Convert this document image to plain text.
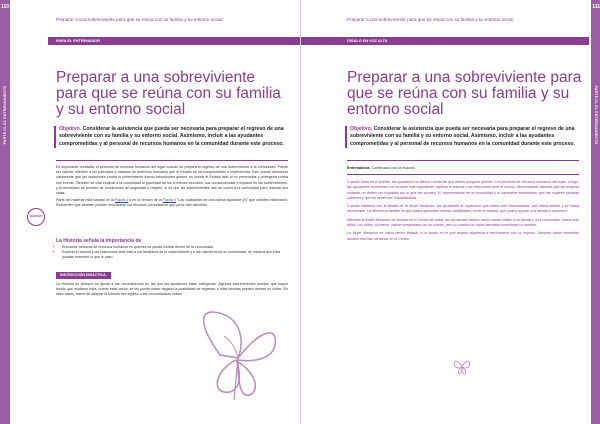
110
PARTE III. EL ENTRENAMIENTO
Preparar a una sobreviviente para que se reúna con su familia y su entorno social
PARA EL ENTRENADOR
Preparar a una sobreviviente para que se reúna con su familia y su entorno social
Objetivo. Considerar la asistencia que pueda ser necesaria para preparar el regreso de una sobreviviente con su familia y su entorno social. Asimismo, incluir a las ayudantes comprometidas y al personal de recursos humanos en la comunidad durante este proceso.

Es importante contactar al personal de recursos humanos del lugar cuando se prepara el regreso de una sobreviviente a la comunidad. Puede ser valioso referirse a los principios y tratados de derechos humanos que el Estado se ha comprometido a implementar. Esto puede demostrar claramente que las violaciones contra la sobreviviente fueron infracciones graves, en donde el Estado falló al no prevenirlas y protegerla contra ese evento. También se vital explicar a la comunidad la gravedad de los crímenes sexuales, sus consecuencias e impacto en las sobrevivientes, y la necesidad de proveer de condiciones de seguridad y respeto, si es que las sobrevivientes han de volver a la comunidad para retomar sus vidas.

Parte del material está basado en la Figura 1 y en la versión de la Figura 4 "Las cualidades de una buena ayudante (II)" que ustedes elaboraron. Recuerden que también pueden movilizarse los recursos comunitarios que ya se han discutido.

OBJETIVO
La Historia señala la importancia de
• Encontrar personal de recursos humanos en quienes se pueda confiar dentro de la comunidad.
• Explicar el trauma y las reacciones ante éste a los familiares de la sobreviviente y a los miembros de su comunidad, de manera que ellos puedan entender lo que le pasó.
INSTRUCCIÓN DIDÁCTICA.

La Historia no siempre se ajusta a las circunstancias en las que las ayudantes están trabajando. Algunas sobrevivientes pueden que hayan tenido que mudarse lejos; puede estar cerca; se les puede haber negado la posibilidad de regresar, o ellas mismas pueden desear no volver. En tales casos, traten de adaptar la historia del regreso a las circunstancias reales.

111
PARTE III. EL ENTRENAMIENTO
Preparar a una sobreviviente para que se reúna con su familia y su entorno social
DÍGALO EN VOZ ALTA
Preparar a una sobreviviente para que se reúna con su familia y su entorno social
Objetivo. Considerar la asistencia que pueda ser necesaria para preparar el regreso de una sobreviviente con su familia y su entorno social. Asimismo, incluir a las ayudantes comprometidas y al personal de recursos humanos en la comunidad durante este proceso.
Entrenadora. Continuará con la historia.

Cuando visita en el pueblo, las ayudantes se dieron cuenta de que deben asegurar primero a el personal de recursos humanos del lugar. Luego, las ayudantes comienzan con la parte más importante: explicar el trauma y las reacciones ante el mismo. Mencionando además que las mujeres violadas no deben ser culpadas por lo que les sucedió. El representante de la comunidad y el sacerdote entendieron que las mujeres violadas sufrieron y que no deben ser culpabilizadas.

Cuando hablaron con la familia de la Mujer Mariposa, las ayudantes le explicaron que había sido traumatizada, que había sufrido y se había recuperado. La diferencia familiar es que había aprendido nuevas habilidades, como la costura, que podría ayudar a la familia a sobrevivir.

Mientras la Mujer Mariposa se alojaba en el Centro de salud, las ayudantes habían hecho varias visitas a su familia y a la comunidad. Había sido difícil. Los niños, al menos, habían preguntado por su madre; pero su marido no había permitido mencionar su nombre.

La Mujer Mariposa se había hecho llegado a un punto en el que estaba dispuesta a encontrarse con su esposo. También había entendido durante muchas semanas en el Centro.
